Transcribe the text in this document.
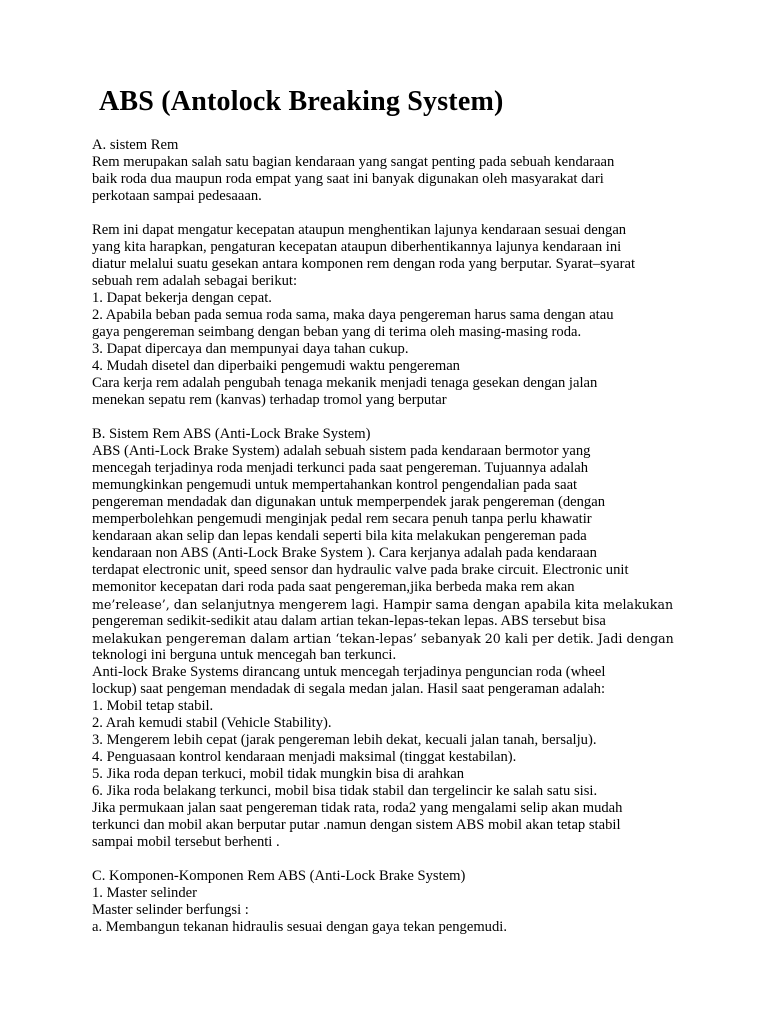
ABS (Antolock Breaking System)
A. sistem Rem
Rem merupakan salah satu bagian kendaraan yang sangat penting pada sebuah kendaraan
baik roda dua maupun roda empat yang saat ini banyak digunakan oleh masyarakat dari
perkotaan sampai pedesaaan.
Rem ini dapat mengatur kecepatan ataupun menghentikan lajunya kendaraan sesuai dengan
yang kita harapkan, pengaturan kecepatan ataupun diberhentikannya lajunya kendaraan ini
diatur melalui suatu gesekan antara komponen rem dengan roda yang berputar. Syarat–syarat
sebuah rem adalah sebagai berikut:
1. Dapat bekerja dengan cepat.
2. Apabila beban pada semua roda sama, maka daya pengereman harus sama dengan atau
gaya pengereman seimbang dengan beban yang di terima oleh masing-masing roda.
3. Dapat dipercaya dan mempunyai daya tahan cukup.
4. Mudah disetel dan diperbaiki pengemudi waktu pengereman
Cara kerja rem adalah pengubah tenaga mekanik menjadi tenaga gesekan dengan jalan
menekan sepatu rem (kanvas) terhadap tromol yang berputar
B. Sistem Rem ABS (Anti-Lock Brake System)
ABS (Anti-Lock Brake System) adalah sebuah sistem pada kendaraan bermotor yang
mencegah terjadinya roda menjadi terkunci pada saat pengereman. Tujuannya adalah
memungkinkan pengemudi untuk mempertahankan kontrol pengendalian pada saat
pengereman mendadak dan digunakan untuk memperpendek jarak pengereman (dengan
memperbolehkan pengemudi menginjak pedal rem secara penuh tanpa perlu khawatir
kendaraan akan selip dan lepas kendali seperti bila kita melakukan pengereman pada
kendaraan non ABS (Anti-Lock Brake System ). Cara kerjanya adalah pada kendaraan
terdapat electronic unit, speed sensor dan hydraulic valve pada brake circuit. Electronic unit
memonitor kecepatan dari roda pada saat pengereman,jika berbeda maka rem akan
me’release’, dan selanjutnya mengerem lagi. Hampir sama dengan apabila kita melakukan
pengereman sedikit-sedikit atau dalam artian tekan-lepas-tekan lepas. ABS tersebut bisa
melakukan pengereman dalam artian ‘tekan-lepas’ sebanyak 20 kali per detik. Jadi dengan
teknologi ini berguna untuk mencegah ban terkunci.
Anti-lock Brake Systems dirancang untuk mencegah terjadinya penguncian roda (wheel
lockup) saat pengeman mendadak di segala medan jalan. Hasil saat pengeraman adalah:
1. Mobil tetap stabil.
2. Arah kemudi stabil (Vehicle Stability).
3. Mengerem lebih cepat (jarak pengereman lebih dekat, kecuali jalan tanah, bersalju).
4. Penguasaan kontrol kendaraan menjadi maksimal (tinggat kestabilan).
5. Jika roda depan terkuci, mobil tidak mungkin bisa di arahkan
6. Jika roda belakang terkunci, mobil bisa tidak stabil dan tergelincir ke salah satu sisi.
Jika permukaan jalan saat pengereman tidak rata, roda2 yang mengalami selip akan mudah
terkunci dan mobil akan berputar putar .namun dengan sistem ABS mobil akan tetap stabil
sampai mobil tersebut berhenti .
C. Komponen-Komponen Rem ABS (Anti-Lock Brake System)
1. Master selinder
Master selinder berfungsi :
a. Membangun tekanan hidraulis sesuai dengan gaya tekan pengemudi.
